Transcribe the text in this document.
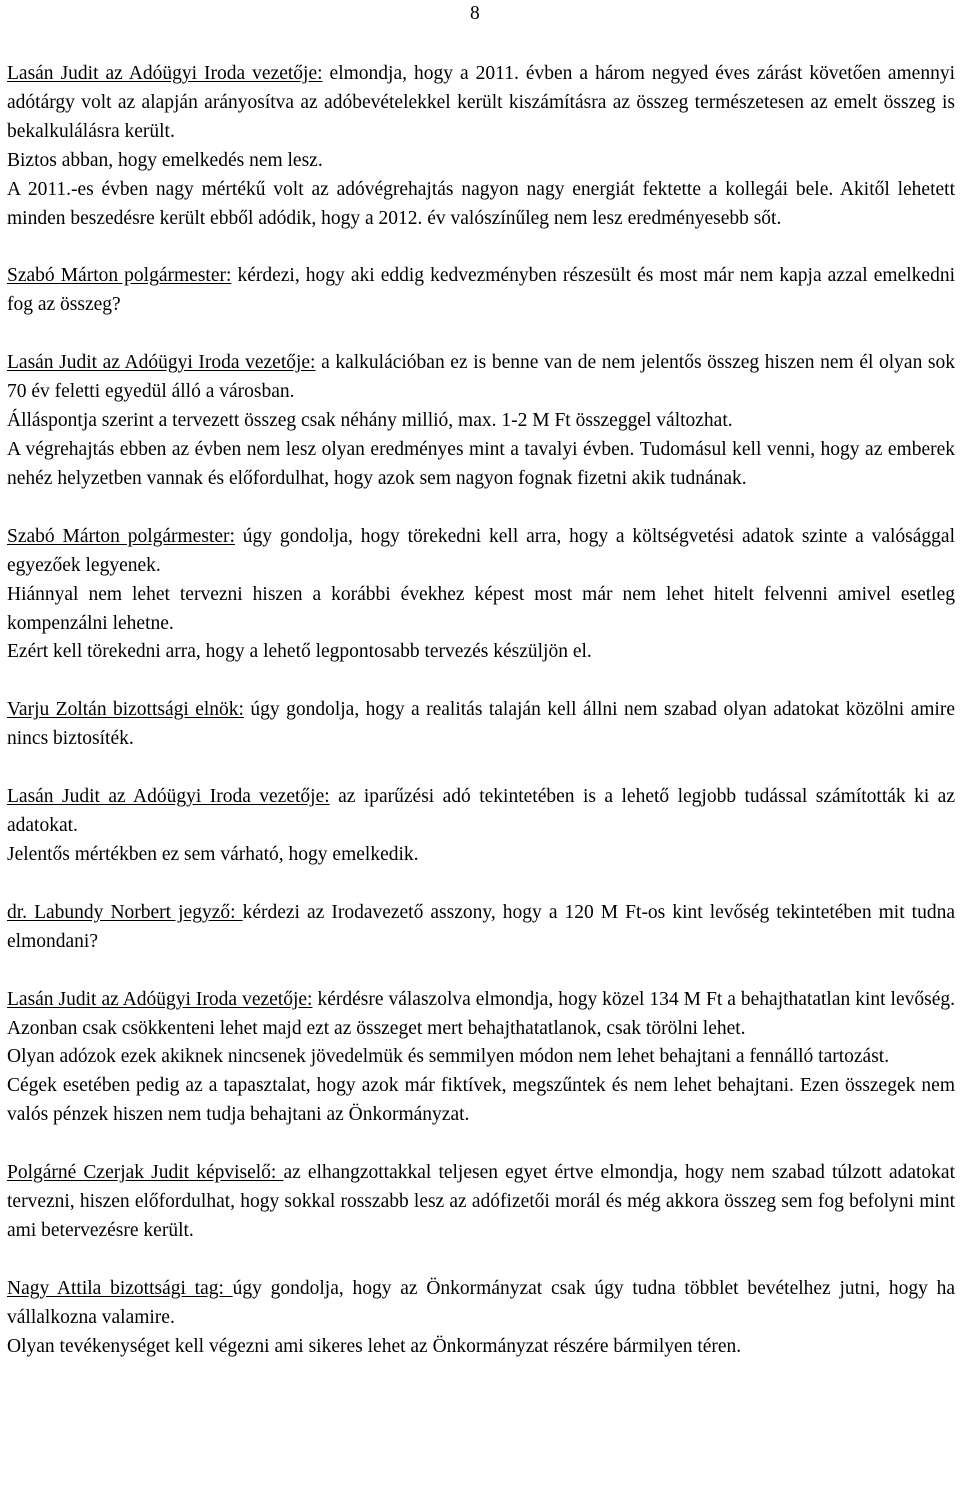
8

Lasán Judit az Adóügyi Iroda vezetője: elmondja, hogy a 2011. évben a három negyed éves zárást követően amennyi adótárgy volt az alapján arányosítva az adóbevételekkel került kiszámításra az összeg természetesen az emelt összeg is bekalkulálásra került.
Biztos abban, hogy emelkedés nem lesz.
A 2011.-es évben nagy mértékű volt az adóvégrehajtás nagyon nagy energiát fektette a kollegái bele. Akitől lehetett minden beszedésre került ebből adódik, hogy a 2012. év valószínűleg nem lesz eredményesebb sőt.

Szabó Márton polgármester: kérdezi, hogy aki eddig kedvezményben részesült és most már nem kapja azzal emelkedni fog az összeg?

Lasán Judit az Adóügyi Iroda vezetője: a kalkulációban ez is benne van de nem jelentős összeg hiszen nem él olyan sok 70 év feletti egyedül álló a városban.
Álláspontja szerint a tervezett összeg csak néhány millió, max. 1-2 M Ft összeggel változhat.
A végrehajtás ebben az évben nem lesz olyan eredményes mint a tavalyi évben. Tudomásul kell venni, hogy az emberek nehéz helyzetben vannak és előfordulhat, hogy azok sem nagyon fognak fizetni akik tudnának.

Szabó Márton polgármester: úgy gondolja, hogy törekedni kell arra, hogy a költségvetési adatok szinte a valósággal egyezőek legyenek.
Hiánnyal nem lehet tervezni hiszen a korábbi évekhez képest most már nem lehet hitelt felvenni amivel esetleg kompenzálni lehetne.
Ezért kell törekedni arra, hogy a lehető legpontosabb tervezés készüljön el.

Varju Zoltán bizottsági elnök: úgy gondolja, hogy a realitás talaján kell állni nem szabad olyan adatokat közölni amire nincs biztosíték.

Lasán Judit az Adóügyi Iroda vezetője: az iparűzési adó tekintetében is a lehető legjobb tudással számították ki az adatokat.
Jelentős mértékben ez sem várható, hogy emelkedik.

dr. Labundy Norbert jegyző: kérdezi az Irodavezető asszony, hogy a 120 M Ft-os kint levőség tekintetében mit tudna elmondani?

Lasán Judit az Adóügyi Iroda vezetője: kérdésre válaszolva elmondja, hogy közel 134 M Ft a behajthatatlan kint levőség. Azonban csak csökkenteni lehet majd ezt az összeget mert behajthatatlanok, csak törölni lehet.
Olyan adózok ezek akiknek nincsenek jövedelmük és semmilyen módon nem lehet behajtani a fennálló tartozást.
Cégek esetében pedig az a tapasztalat, hogy azok már fiktívek, megszűntek és nem lehet behajtani. Ezen összegek nem valós pénzek hiszen nem tudja behajtani az Önkormányzat.

Polgárné Czerjak Judit képviselő: az elhangzottakkal teljesen egyet értve elmondja, hogy nem szabad túlzott adatokat tervezni, hiszen előfordulhat, hogy sokkal rosszabb lesz az adófizetői morál és még akkora összeg sem fog befolyni mint ami betervezésre került.

Nagy Attila bizottsági tag: úgy gondolja, hogy az Önkormányzat csak úgy tudna többlet bevételhez jutni, hogy ha vállalkozna valamire.
Olyan tevékenységet kell végezni ami sikeres lehet az Önkormányzat részére bármilyen téren.
